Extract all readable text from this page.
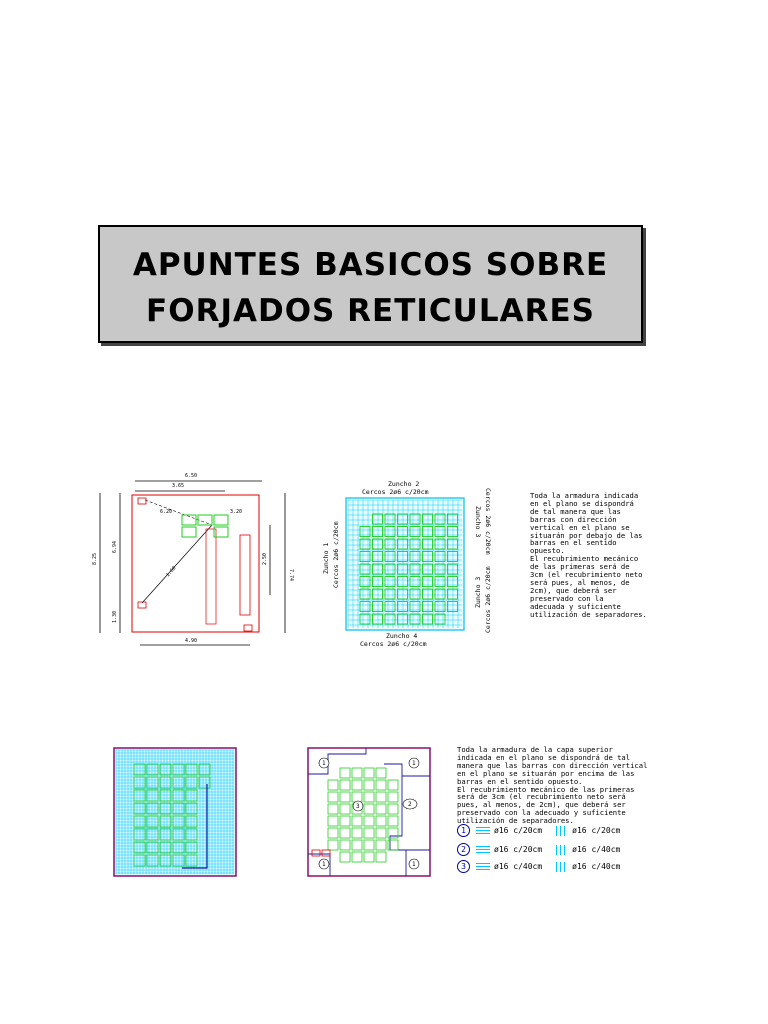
APUNTES BASICOS SOBRE
FORJADOS RETICULARES
6.50
3.65
8.25
6.94
1.30
7.74
2.50
4.90
1.60
6.20	3.20
Zuncho 2
Cercos 2ø6 c/20cm
Zuncho 1 Cercos 2ø6 c/20cm	Zuncho 3 Cercos 2ø6 c/20cm
Zuncho 3 Cercos 2ø6 c/20cm
Zuncho 4
Cercos 2ø6 c/20cm
Toda la armadura indicada
en el plano se dispondrá
de tal manera que las
barras con dirección
vertical en el plano se
situarán por debajo de las
barras en el sentido
opuesto.
El recubrimiento mecánico
de las primeras será de
3cm (el recubrimiento neto
será pues, al menos, de
2cm), que deberá ser
preservado con la
adecuada y suficiente
utilización de separadores.
1	1
1	1
2
3
Toda la armadura de la capa superior
indicada en el plano se dispondrá de tal
manera que las barras con dirección vertical
en el plano se situarán por encima de las
barras en el sentido opuesto.
El recubrimiento mecánico de las primeras
será de 3cm (el recubrimiento neto será
pues, al menos, de 2cm), que deberá ser
preservado con la adecuado y suficiente
utilización de separadores.
1	ø16 c/20cm	ø16 c/20cm
2	ø16 c/20cm	ø16 c/40cm
3	ø16 c/40cm	ø16 c/40cm
